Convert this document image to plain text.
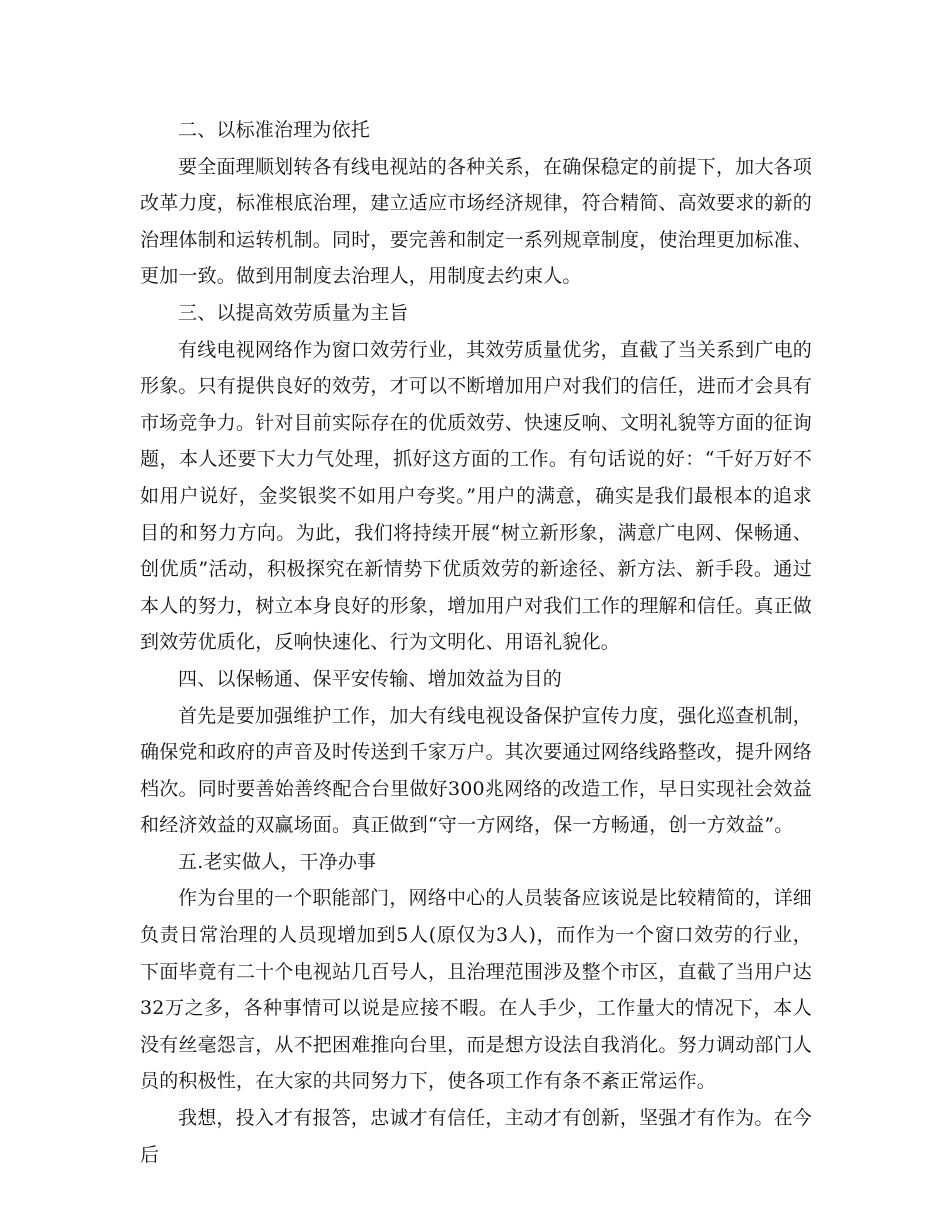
二、以标准治理为依托

要全面理顺划转各有线电视站的各种关系，在确保稳定的前提下，加大各项改革力度，标准根底治理，建立适应市场经济规律，符合精简、高效要求的新的治理体制和运转机制。同时，要完善和制定一系列规章制度，使治理更加标准、更加一致。做到用制度去治理人，用制度去约束人。

三、以提高效劳质量为主旨

有线电视网络作为窗口效劳行业，其效劳质量优劣，直截了当关系到广电的形象。只有提供良好的效劳，才可以不断增加用户对我们的信任，进而才会具有市场竞争力。针对目前实际存在的优质效劳、快速反响、文明礼貌等方面的征询题，本人还要下大力气处理，抓好这方面的工作。有句话说的好：“千好万好不如用户说好，金奖银奖不如用户夸奖。”用户的满意，确实是我们最根本的追求目的和努力方向。为此，我们将持续开展“树立新形象，满意广电网、保畅通、创优质”活动，积极探究在新情势下优质效劳的新途径、新方法、新手段。通过本人的努力，树立本身良好的形象，增加用户对我们工作的理解和信任。真正做到效劳优质化，反响快速化、行为文明化、用语礼貌化。

四、以保畅通、保平安传输、增加效益为目的

首先是要加强维护工作，加大有线电视设备保护宣传力度，强化巡查机制，确保党和政府的声音及时传送到千家万户。其次要通过网络线路整改，提升网络档次。同时要善始善终配合台里做好300兆网络的改造工作，早日实现社会效益和经济效益的双赢场面。真正做到“守一方网络，保一方畅通，创一方效益”。

五.老实做人，干净办事

作为台里的一个职能部门，网络中心的人员装备应该说是比较精简的，详细负责日常治理的人员现增加到5人(原仅为3人)，而作为一个窗口效劳的行业，下面毕竟有二十个电视站几百号人，且治理范围涉及整个市区，直截了当用户达32万之多，各种事情可以说是应接不暇。在人手少，工作量大的情况下，本人没有丝毫怨言，从不把困难推向台里，而是想方设法自我消化。努力调动部门人员的积极性，在大家的共同努力下，使各项工作有条不紊正常运作。

我想，投入才有报答，忠诚才有信任，主动才有创新，坚强才有作为。在今后
